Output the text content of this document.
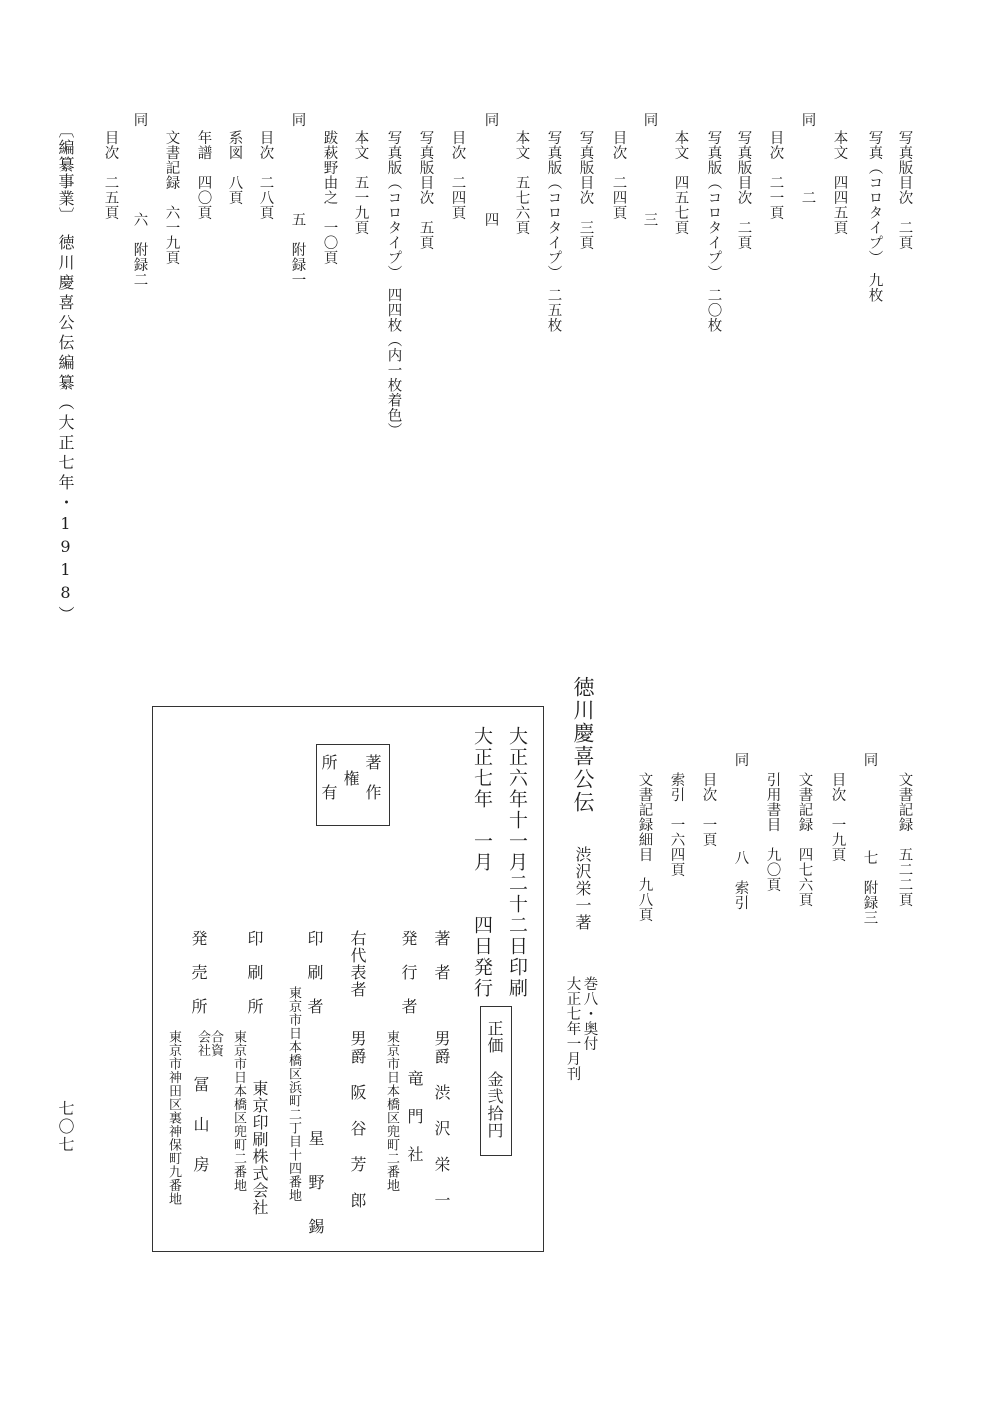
写真版目次　二頁
写真（コロタイプ）　九枚
本文　四四五頁
同
二
目次　二一頁
写真版目次　二頁
写真版（コロタイプ）　二〇枚
本文　四五七頁
同
三
目次　二四頁
写真版目次　三頁
写真版（コロタイプ）　二五枚
本文　五七六頁
同
四
目次　二四頁
写真版目次　五頁
写真版（コロタイプ）　四四枚（内一枚着色）
本文　五一九頁
跋萩野由之　一〇頁
同
五　附録一
目次　二八頁
系図　八頁
年譜　四〇頁
文書記録　六一九頁
同
六　附録二
目次　二五頁
〔編纂事業〕
徳川慶喜公伝編纂（大正七年・1918）
七〇七
文書記録　五二二頁
同
七　附録三
目次　一九頁
文書記録　四七六頁
引用書目　九〇頁
同
八　索引
目次　一頁
索引　一六四頁
文書記録細目　九八頁
徳川慶喜公伝
渋沢栄一著
巻八・奥付
大正七年一月刊
正価　金弐拾円
大正六年十一月二十二日印刷
大正七年　一月　　四日発行
著作
権
所有
著　者
男爵　渋　沢　栄　一
発　行　者
東京市日本橋区兜町二番地 竜　門　社
右代表者
男爵　阪　谷　芳　郎
印　刷　者
東京市日本橋区浜町二丁目十四番地 星　野　錫
印　刷　所
東京市日本橋区兜町二番地 東京印刷株式会社
発　売　所
東京市神田区裏神保町九番地	合資会社
冨　山　房
